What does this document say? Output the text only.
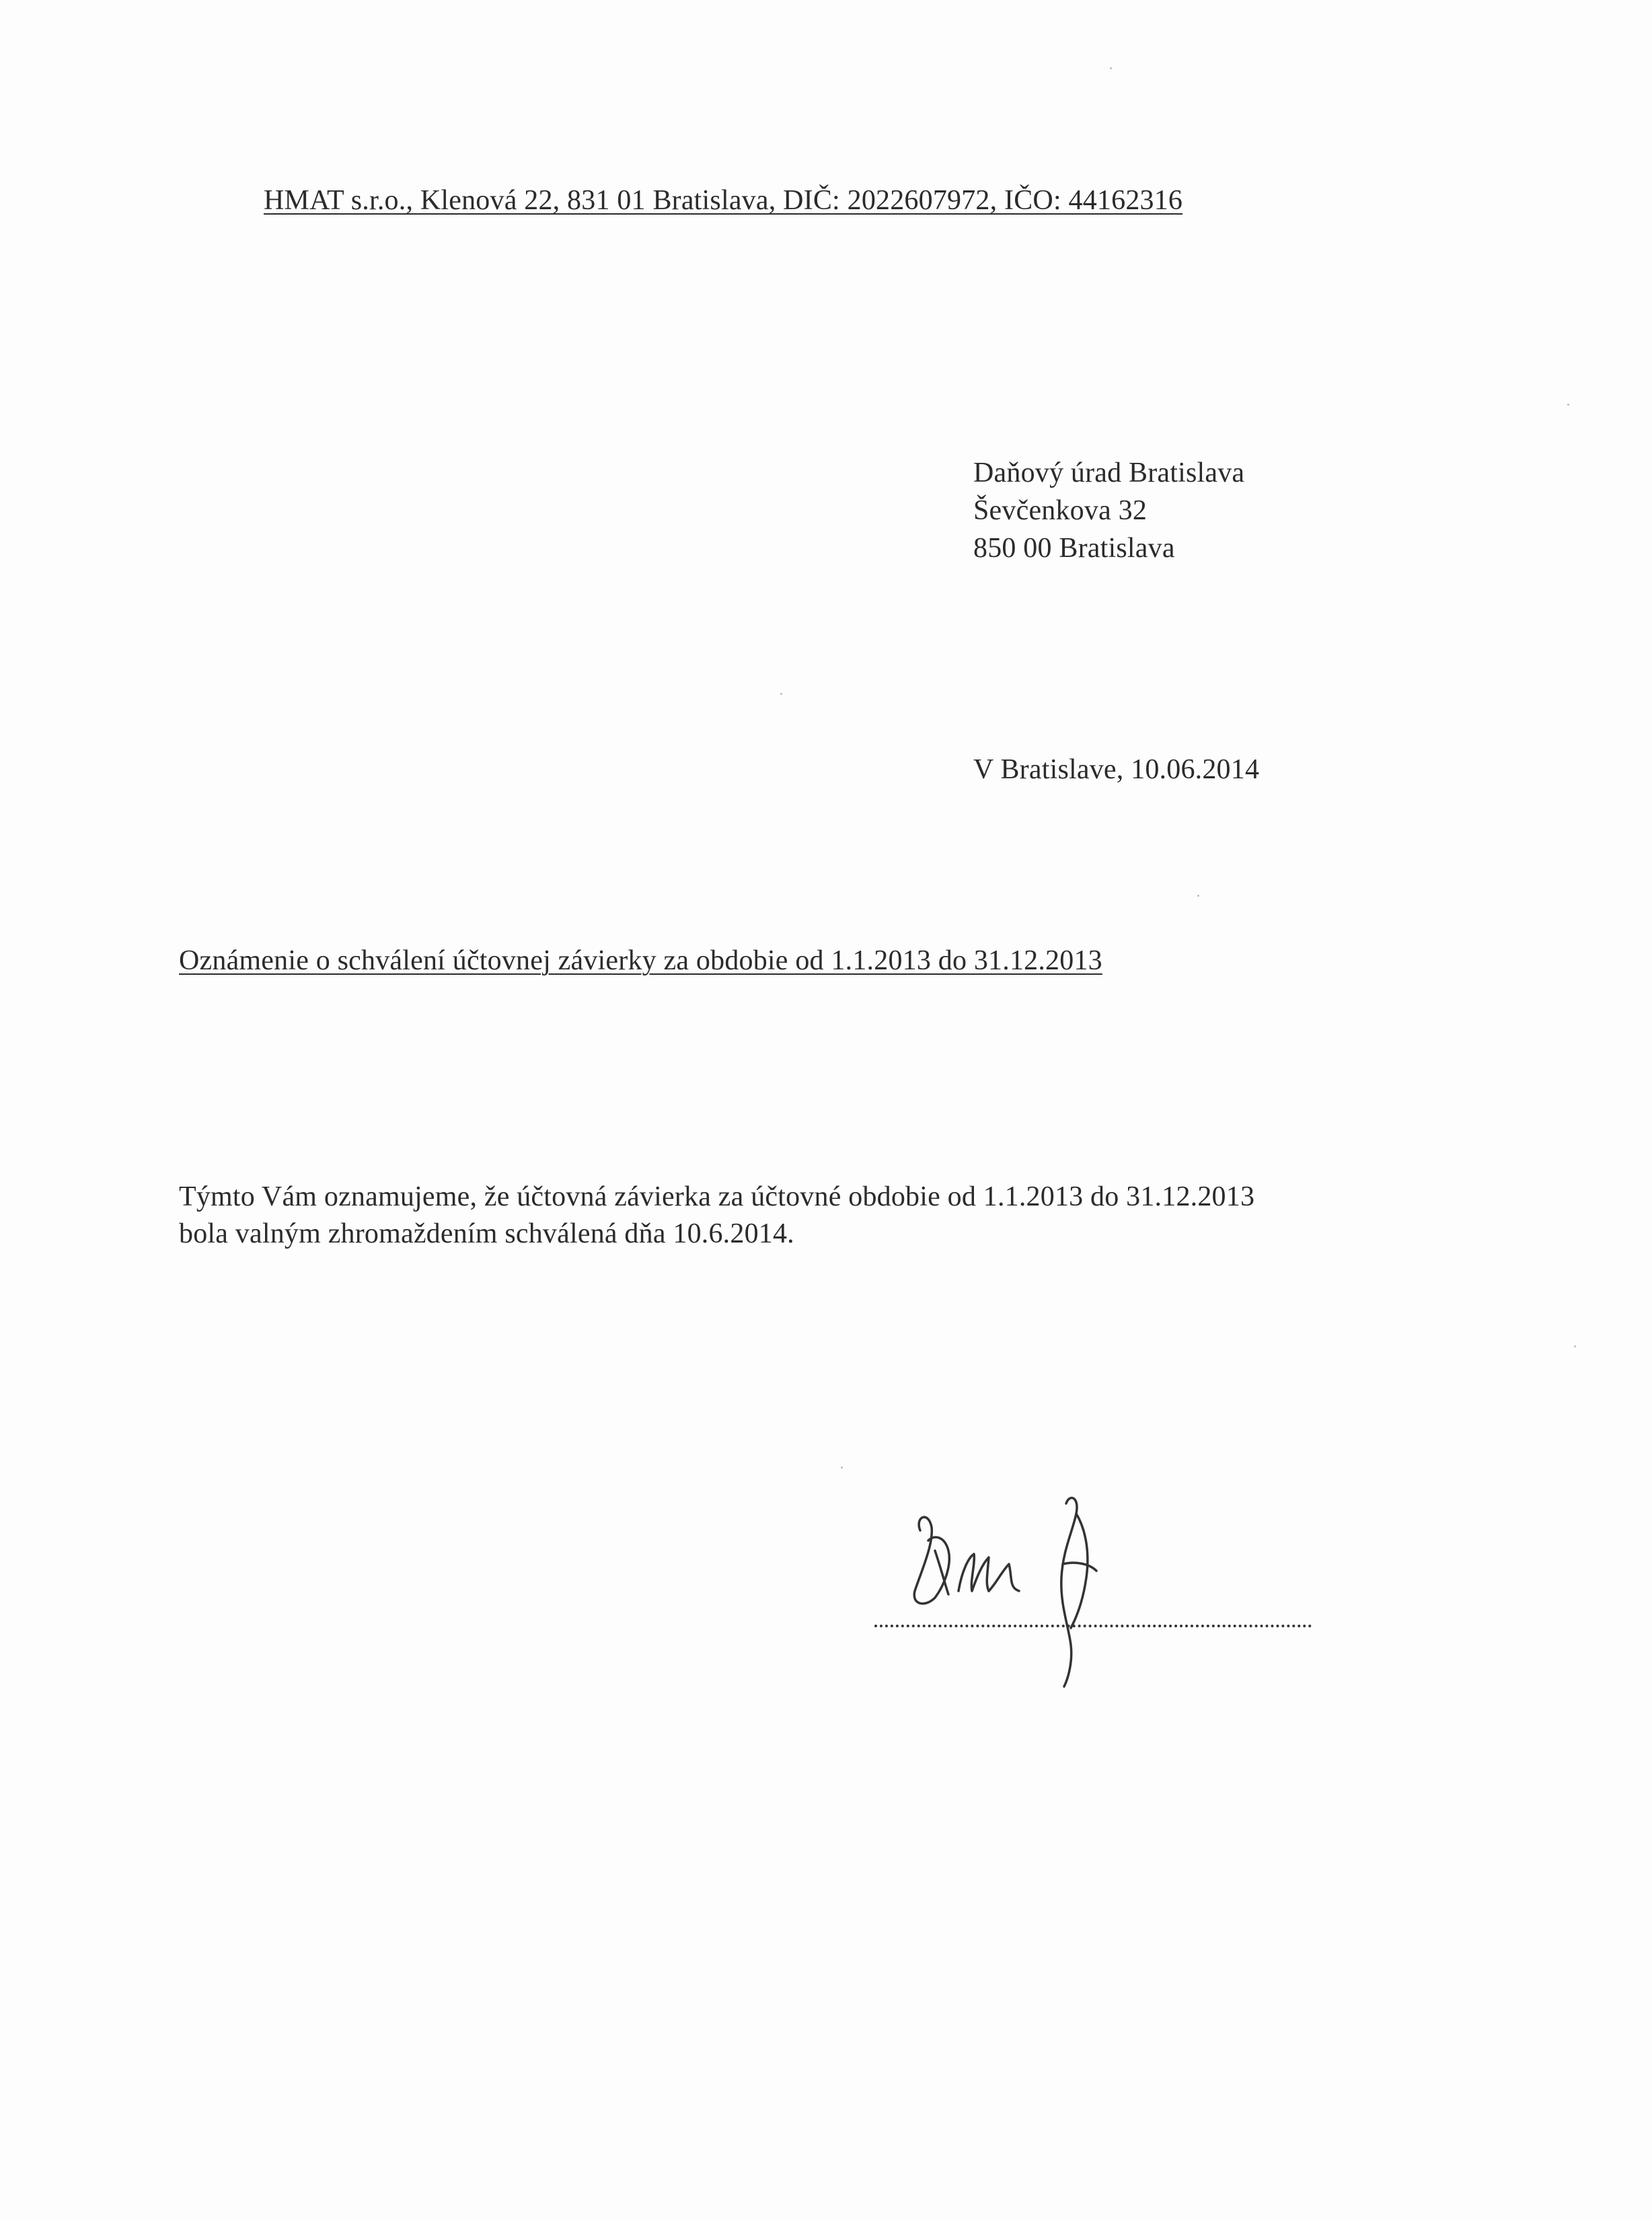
HMAT s.r.o., Klenová 22, 831 01 Bratislava, DIČ: 2022607972, IČO: 44162316
Daňový úrad Bratislava
Ševčenkova 32
850 00 Bratislava
V Bratislave, 10.06.2014
Oznámenie o schválení účtovnej závierky za obdobie od 1.1.2013 do 31.12.2013
Týmto Vám oznamujeme, že účtovná závierka za účtovné obdobie od 1.1.2013 do 31.12.2013
bola valným zhromaždením schválená dňa 10.6.2014.
